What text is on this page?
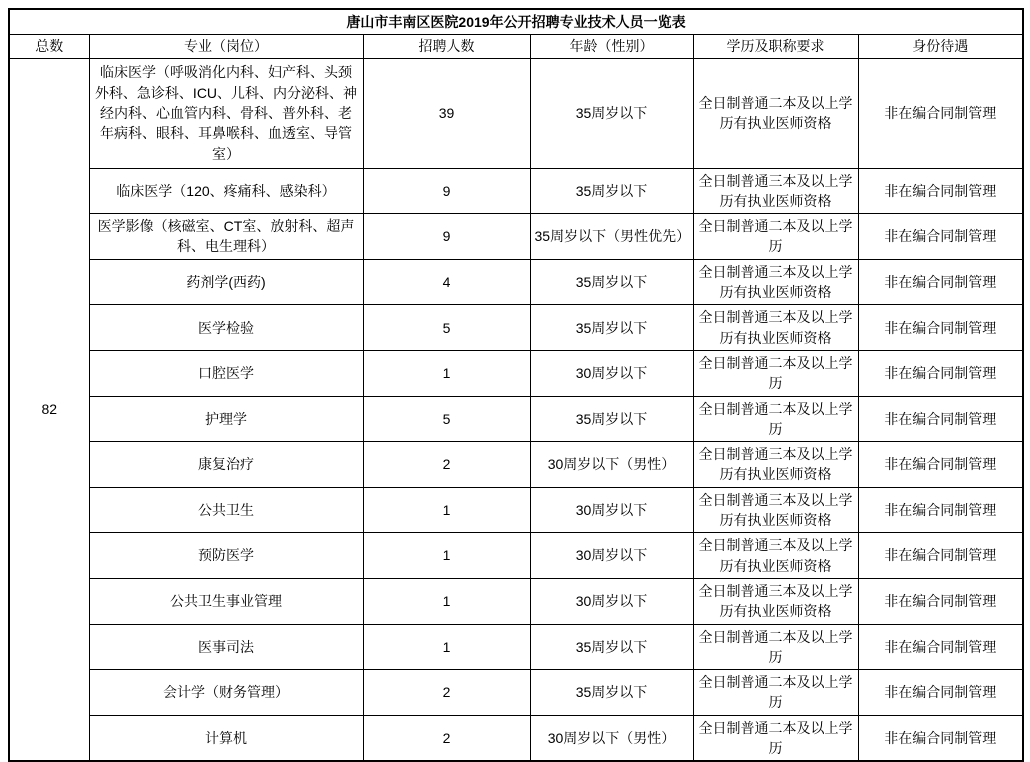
唐山市丰南区医院2019年公开招聘专业技术人员一览表					
总数	专业（岗位）	招聘人数	年龄（性别）	学历及职称要求	身份待遇
82	临床医学（呼吸消化内科、妇产科、头颈外科、急诊科、ICU、儿科、内分泌科、神经内科、心血管内科、骨科、普外科、老年病科、眼科、耳鼻喉科、血透室、导管室）	39	35周岁以下	全日制普通二本及以上学历有执业医师资格	非在编合同制管理
	临床医学（120、疼痛科、感染科）	9	35周岁以下	全日制普通三本及以上学历有执业医师资格	非在编合同制管理
	医学影像（核磁室、CT室、放射科、超声科、电生理科）	9	35周岁以下（男性优先）	全日制普通二本及以上学历	非在编合同制管理
	药剂学(西药)	4	35周岁以下	全日制普通三本及以上学历有执业医师资格	非在编合同制管理
	医学检验	5	35周岁以下	全日制普通三本及以上学历有执业医师资格	非在编合同制管理
	口腔医学	1	30周岁以下	全日制普通二本及以上学历	非在编合同制管理
	护理学	5	35周岁以下	全日制普通二本及以上学历	非在编合同制管理
	康复治疗	2	30周岁以下（男性）	全日制普通三本及以上学历有执业医师资格	非在编合同制管理
	公共卫生	1	30周岁以下	全日制普通三本及以上学历有执业医师资格	非在编合同制管理
	预防医学	1	30周岁以下	全日制普通三本及以上学历有执业医师资格	非在编合同制管理
	公共卫生事业管理	1	30周岁以下	全日制普通三本及以上学历有执业医师资格	非在编合同制管理
	医事司法	1	35周岁以下	全日制普通二本及以上学历	非在编合同制管理
	会计学（财务管理）	2	35周岁以下	全日制普通二本及以上学历	非在编合同制管理
	计算机	2	30周岁以下（男性）	全日制普通二本及以上学历	非在编合同制管理
